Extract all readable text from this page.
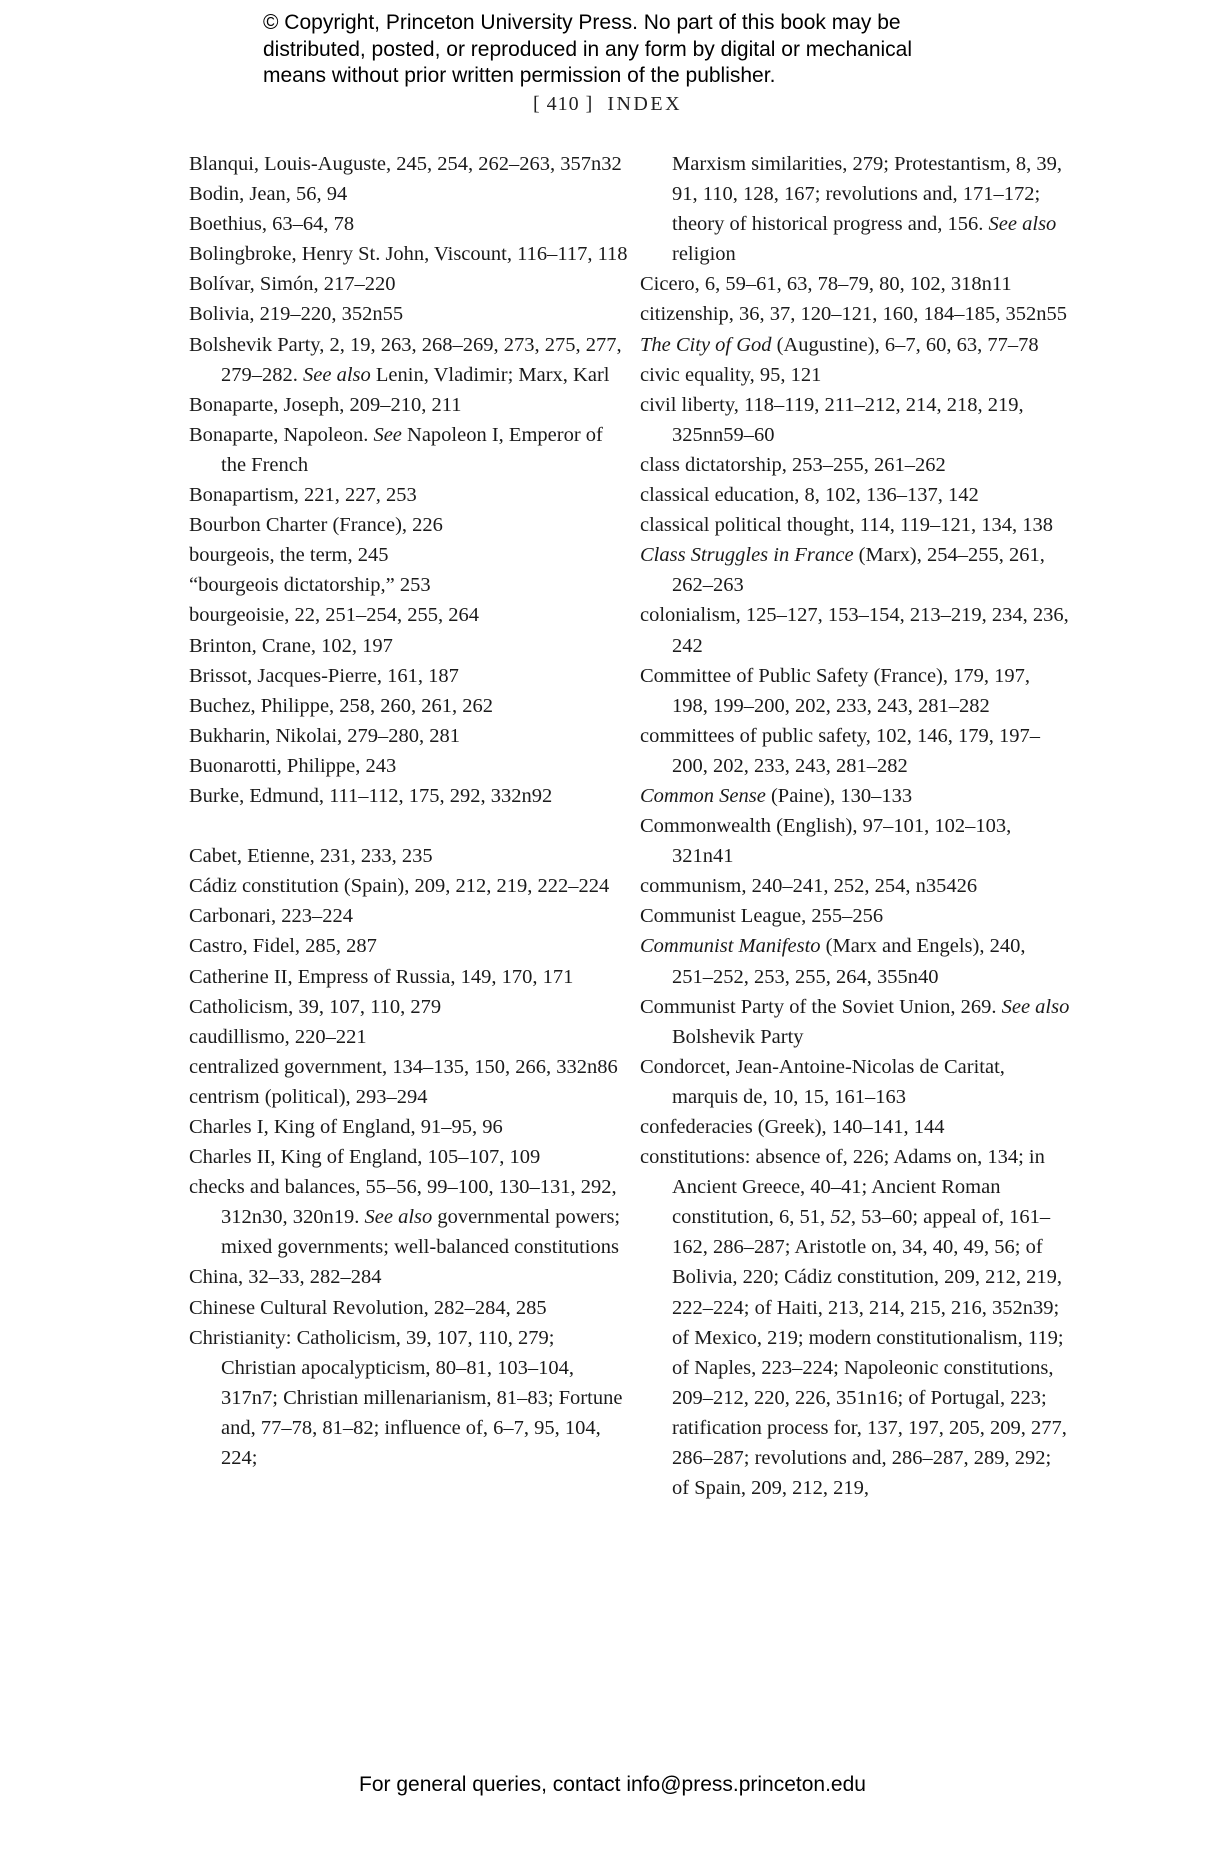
© Copyright, Princeton University Press. No part of this book may be
distributed, posted, or reproduced in any form by digital or mechanical
means without prior written permission of the publisher.
[ 410 ] INDEX

Blanqui, Louis-Auguste, 245, 254, 262–263, 357n32

Bodin, Jean, 56, 94

Boethius, 63–64, 78

Bolingbroke, Henry St. John, Viscount, 116–117, 118

Bolívar, Simón, 217–220

Bolivia, 219–220, 352n55

Bolshevik Party, 2, 19, 263, 268–269, 273, 275, 277, 279–282. See also Lenin, Vladimir; Marx, Karl

Bonaparte, Joseph, 209–210, 211

Bonaparte, Napoleon. See Napoleon I, Emperor of the French

Bonapartism, 221, 227, 253

Bourbon Charter (France), 226

bourgeois, the term, 245

“bourgeois dictatorship,” 253

bourgeoisie, 22, 251–254, 255, 264

Brinton, Crane, 102, 197

Brissot, Jacques-Pierre, 161, 187

Buchez, Philippe, 258, 260, 261, 262

Bukharin, Nikolai, 279–280, 281

Buonarotti, Philippe, 243

Burke, Edmund, 111–112, 175, 292, 332n92

Cabet, Etienne, 231, 233, 235

Cádiz constitution (Spain), 209, 212, 219, 222–224

Carbonari, 223–224

Castro, Fidel, 285, 287

Catherine II, Empress of Russia, 149, 170, 171

Catholicism, 39, 107, 110, 279

caudillismo, 220–221

centralized government, 134–135, 150, 266, 332n86

centrism (political), 293–294

Charles I, King of England, 91–95, 96

Charles II, King of England, 105–107, 109

checks and balances, 55–56, 99–100, 130–131, 292, 312n30, 320n19. See also governmental powers; mixed governments; well-balanced constitutions

China, 32–33, 282–284

Chinese Cultural Revolution, 282–284, 285

Christianity: Catholicism, 39, 107, 110, 279; Christian apocalypticism, 80–81, 103–104, 317n7; Christian millenarianism, 81–83; Fortune and, 77–78, 81–82; influence of, 6–7, 95, 104, 224;

Marxism similarities, 279; Protestantism, 8, 39, 91, 110, 128, 167; revolutions and, 171–172; theory of historical progress and, 156. See also religion

Cicero, 6, 59–61, 63, 78–79, 80, 102, 318n11

citizenship, 36, 37, 120–121, 160, 184–185, 352n55

The City of God (Augustine), 6–7, 60, 63, 77–78

civic equality, 95, 121

civil liberty, 118–119, 211–212, 214, 218, 219, 325nn59–60

class dictatorship, 253–255, 261–262

classical education, 8, 102, 136–137, 142

classical political thought, 114, 119–121, 134, 138

Class Struggles in France (Marx), 254–255, 261, 262–263

colonialism, 125–127, 153–154, 213–219, 234, 236, 242

Committee of Public Safety (France), 179, 197, 198, 199–200, 202, 233, 243, 281–282

committees of public safety, 102, 146, 179, 197–200, 202, 233, 243, 281–282

Common Sense (Paine), 130–133

Commonwealth (English), 97–101, 102–103, 321n41

communism, 240–241, 252, 254, n35426

Communist League, 255–256

Communist Manifesto (Marx and Engels), 240, 251–252, 253, 255, 264, 355n40

Communist Party of the Soviet Union, 269. See also Bolshevik Party

Condorcet, Jean-Antoine-Nicolas de Caritat, marquis de, 10, 15, 161–163

confederacies (Greek), 140–141, 144

constitutions: absence of, 226; Adams on, 134; in Ancient Greece, 40–41; Ancient Roman constitution, 6, 51, 52, 53–60; appeal of, 161–162, 286–287; Aristotle on, 34, 40, 49, 56; of Bolivia, 220; Cádiz constitution, 209, 212, 219, 222–224; of Haiti, 213, 214, 215, 216, 352n39; of Mexico, 219; modern constitutionalism, 119; of Naples, 223–224; Napoleonic constitutions, 209–212, 220, 226, 351n16; of Portugal, 223; ratification process for, 137, 197, 205, 209, 277, 286–287; revolutions and, 286–287, 289, 292; of Spain, 209, 212, 219,

For general queries, contact info@press.princeton.edu
